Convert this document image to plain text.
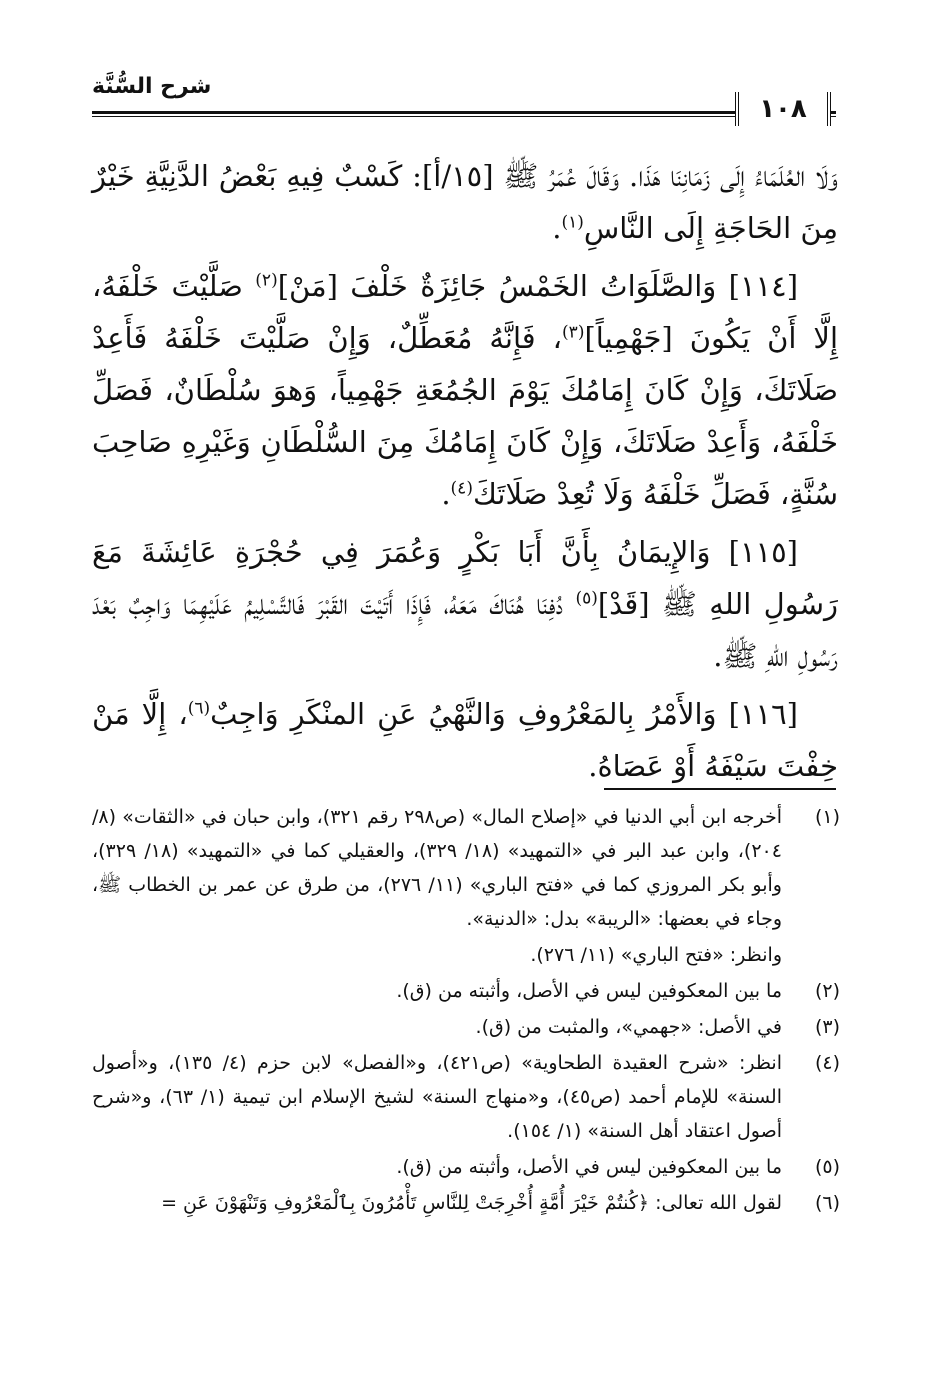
شرح السُّنَّة
١٠٨

وَلَا العُلَمَاءُ إِلَى زَمَانِنَا هَذَا. وَقَالَ عُمَرُ ﷺ [١٥/أ]: كَسْبٌ فِيهِ بَعْضُ الدَّنِيَّةِ خَيْرٌ مِنَ الحَاجَةِ إِلَى النَّاسِ$^{(١)}$.

[١١٤] وَالصَّلَوَاتُ الخَمْسُ جَائِزَةٌ خَلْفَ [مَنْ]$^{(٢)}$ صَلَّيْتَ خَلْفَهُ، إِلَّا أَنْ يَكُونَ [جَهْمِياً]$^{(٣)}$، فَإِنَّهُ مُعَطِّلٌ، وَإِنْ صَلَّيْتَ خَلْفَهُ فَأَعِدْ صَلَاتَكَ، وَإِنْ كَانَ إِمَامُكَ يَوْمَ الجُمُعَةِ جَهْمِياً، وَهوَ سُلْطَانٌ، فَصَلِّ خَلْفَهُ، وَأَعِدْ صَلَاتَكَ، وَإِنْ كَانَ إِمَامُكَ مِنَ السُّلْطَانِ وَغَيْرِهِ صَاحِبَ سُنَّةٍ، فَصَلِّ خَلْفَهُ وَلَا تُعِدْ صَلَاتَكَ$^{(٤)}$.

[١١٥] وَالإِيمَانُ بِأَنَّ أَبَا بَكْرٍ وَعُمَرَ فِي حُجْرَةِ عَائِشَةَ مَعَ رَسُولِ اللهِ ﷺ [قَدْ]$^{(٥)}$ دُفِنَا هُنَاكَ مَعَهُ، فَإِذَا أَتَيْتَ القَبْرَ فَالتَّسْلِيمُ عَلَيْهِمَا وَاجِبٌ بَعْدَ رَسُولِ اللهِ ﷺ.

[١١٦] وَالأَمْرُ بِالمَعْرُوفِ وَالنَّهْيُ عَنِ المنْكَرِ وَاجِبٌ$^{(٦)}$، إِلَّا مَنْ خِفْتَ سَيْفَهُ أَوْ عَصَاهُ.

(١)
أخرجه ابن أبي الدنيا في «إصلاح المال» (ص٢٩٨ رقم ٣٢١)، وابن حبان في «الثقات» (٨/ ٢٠٤)، وابن عبد البر في «التمهيد» (١٨/ ٣٢٩)، والعقيلي كما في «التمهيد» (١٨/ ٣٢٩)، وأبو بكر المروزي كما في «فتح الباري» (١١/ ٢٧٦)، من طرق عن عمر بن الخطاب ﷺ، وجاء في بعضها: «الريبة» بدل: «الدنية».
وانظر: «فتح الباري» (١١/ ٢٧٦).
(٢)
ما بين المعكوفين ليس في الأصل، وأثبته من (ق).
(٣)
في الأصل: «جهمي»، والمثبت من (ق).
(٤)
انظر: «شرح العقيدة الطحاوية» (ص٤٢١)، و«الفصل» لابن حزم (٤/ ١٣٥)، و«أصول السنة» للإمام أحمد (ص٤٥)، و«منهاج السنة» لشيخ الإسلام ابن تيمية (١/ ٦٣)، و«شرح أصول اعتقاد أهل السنة» (١/ ١٥٤).
(٥)
ما بين المعكوفين ليس في الأصل، وأثبته من (ق).
(٦)
لقول الله تعالى: ﴿كُنتُمْ خَيْرَ أُمَّةٍ أُخْرِجَتْ لِلنَّاسِ تَأْمُرُونَ بِٱلْمَعْرُوفِ وَتَنْهَوْنَ عَنِ =
